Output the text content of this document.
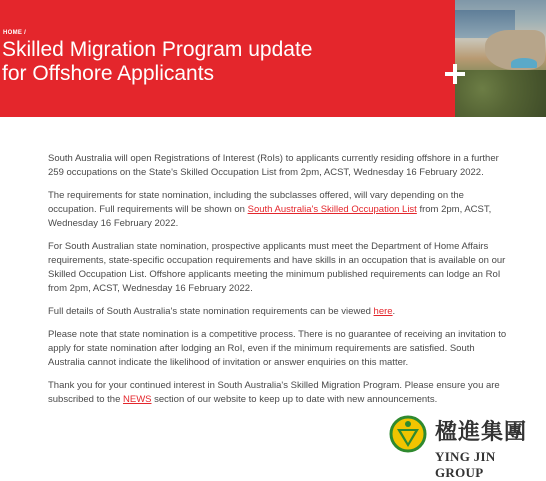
HOME /
Skilled Migration Program update
for Offshore Applicants

South Australia will open Registrations of Interest (RoIs) to applicants currently residing offshore in a further 259 occupations on the State's Skilled Occupation List from 2pm, ACST, Wednesday 16 February 2022.

The requirements for state nomination, including the subclasses offered, will vary depending on the occupation. Full requirements will be shown on South Australia's Skilled Occupation List from 2pm, ACST, Wednesday 16 February 2022.

For South Australian state nomination, prospective applicants must meet the Department of Home Affairs requirements, state-specific occupation requirements and have skills in an occupation that is available on our Skilled Occupation List. Offshore applicants meeting the minimum published requirements can lodge an RoI from 2pm, ACST, Wednesday 16 February 2022.

Full details of South Australia's state nomination requirements can be viewed here.

Please note that state nomination is a competitive process. There is no guarantee of receiving an invitation to apply for state nomination after lodging an RoI, even if the minimum requirements are satisfied. South Australia cannot indicate the likelihood of invitation or answer enquiries on this matter.

Thank you for your continued interest in South Australia's Skilled Migration Program. Please ensure you are subscribed to the NEWS section of our website to keep up to date with new announcements.

楹進集團
YING JIN GROUP
